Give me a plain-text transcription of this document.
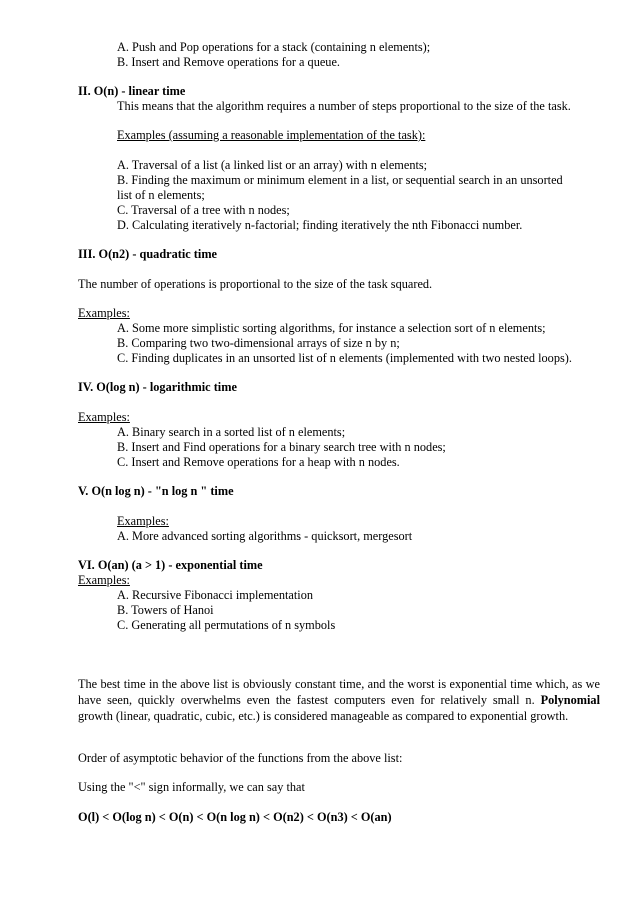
A. Push and Pop operations for a stack (containing n elements);

B. Insert and Remove operations for a queue.

II. O(n) - linear time

This means that the algorithm requires a number of steps proportional to the size of the task.

Examples (assuming a reasonable implementation of the task):

A. Traversal of a list (a linked list or an array) with n elements;

B. Finding the maximum or minimum element in a list, or sequential search in an unsorted

list of n elements;

C. Traversal of a tree with n nodes;

D. Calculating iteratively n-factorial; finding iteratively the nth Fibonacci number.

III. O(n2) - quadratic time

The number of operations is proportional to the size of the task squared.

Examples:

A. Some more simplistic sorting algorithms, for instance a selection sort of n elements;

B. Comparing two two-dimensional arrays of size n by n;

C. Finding duplicates in an unsorted list of n elements (implemented with two nested loops).

IV. O(log n) - logarithmic time

Examples:

A. Binary search in a sorted list of n elements;

B. Insert and Find operations for a binary search tree with n nodes;

C. Insert and Remove operations for a heap with n nodes.

V. O(n log n) - "n log n " time

Examples:

A. More advanced sorting algorithms - quicksort, mergesort

VI. O(an) (a > 1) - exponential time

Examples:

A. Recursive Fibonacci implementation

B. Towers of Hanoi

C. Generating all permutations of n symbols

The best time in the above list is obviously constant time, and the worst is exponential time which, as we have seen, quickly overwhelms even the fastest computers even for relatively small n. Polynomial growth (linear, quadratic, cubic, etc.) is considered manageable as compared to exponential growth.

Order of asymptotic behavior of the functions from the above list:

Using the "<" sign informally, we can say that

O(l) < O(log n) < O(n) < O(n log n) < O(n2) < O(n3) < O(an)
